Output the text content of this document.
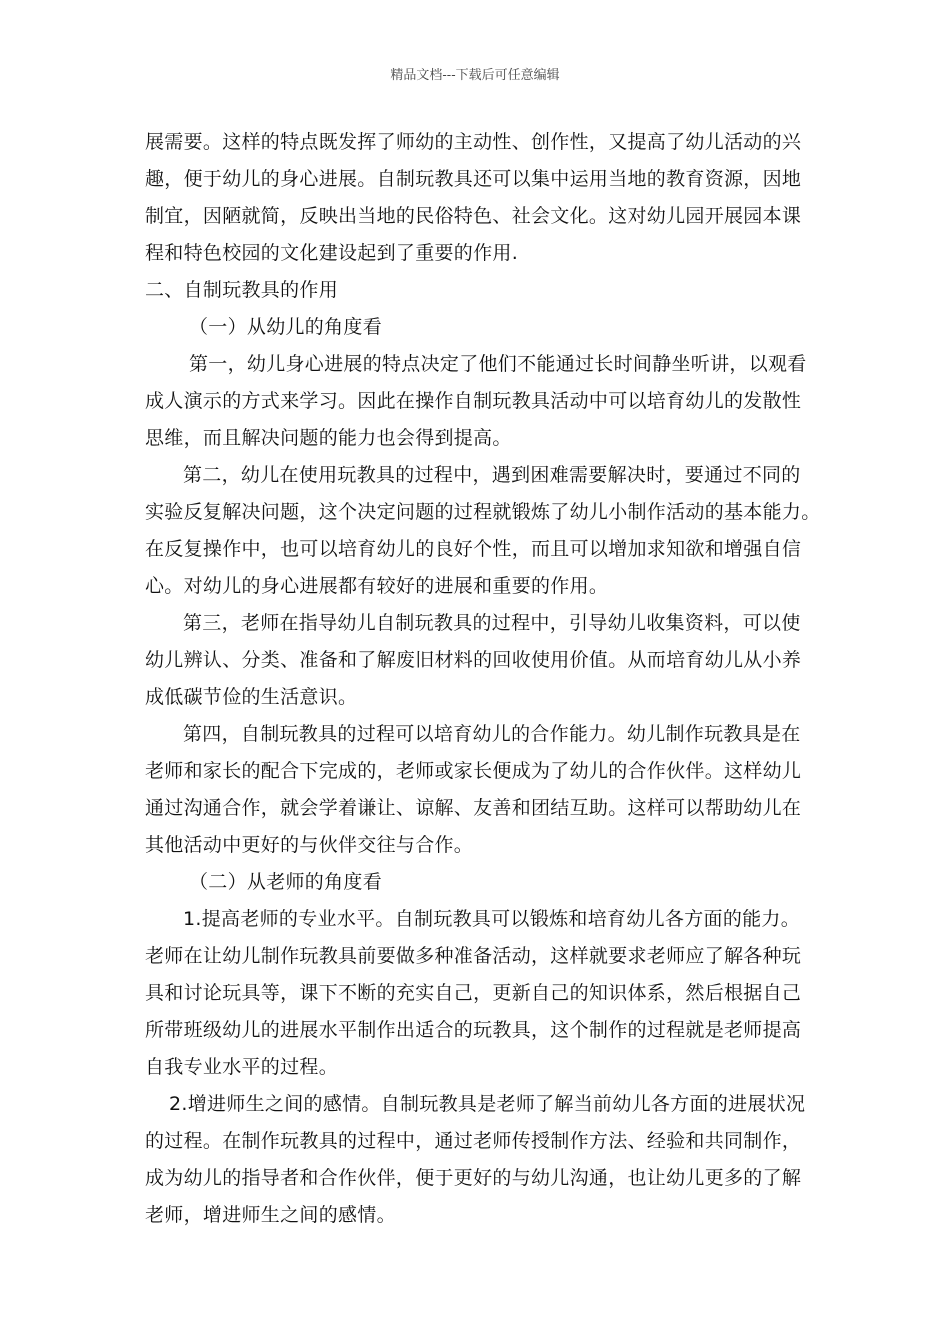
精品文档---下载后可任意编辑
展需要。这样的特点既发挥了师幼的主动性、创作性，又提高了幼儿活动的兴
趣，便于幼儿的身心进展。自制玩教具还可以集中运用当地的教育资源，因地
制宜，因陋就简，反映出当地的民俗特色、社会文化。这对幼儿园开展园本课
程和特色校园的文化建设起到了重要的作用.
二、自制玩教具的作用
（一）从幼儿的角度看
第一，幼儿身心进展的特点决定了他们不能通过长时间静坐听讲，以观看
成人演示的方式来学习。因此在操作自制玩教具活动中可以培育幼儿的发散性
思维，而且解决问题的能力也会得到提高。
第二，幼儿在使用玩教具的过程中，遇到困难需要解决时，要通过不同的
实验反复解决问题，这个决定问题的过程就锻炼了幼儿小制作活动的基本能力。
在反复操作中，也可以培育幼儿的良好个性，而且可以增加求知欲和增强自信
心。对幼儿的身心进展都有较好的进展和重要的作用。
第三，老师在指导幼儿自制玩教具的过程中，引导幼儿收集资料，可以使
幼儿辨认、分类、准备和了解废旧材料的回收使用价值。从而培育幼儿从小养
成低碳节俭的生活意识。
第四，自制玩教具的过程可以培育幼儿的合作能力。幼儿制作玩教具是在
老师和家长的配合下完成的，老师或家长便成为了幼儿的合作伙伴。这样幼儿
通过沟通合作，就会学着谦让、谅解、友善和团结互助。这样可以帮助幼儿在
其他活动中更好的与伙伴交往与合作。
（二）从老师的角度看
1.提高老师的专业水平。自制玩教具可以锻炼和培育幼儿各方面的能力。
老师在让幼儿制作玩教具前要做多种准备活动，这样就要求老师应了解各种玩
具和讨论玩具等，课下不断的充实自己，更新自己的知识体系，然后根据自己
所带班级幼儿的进展水平制作出适合的玩教具，这个制作的过程就是老师提高
自我专业水平的过程。
2.增进师生之间的感情。自制玩教具是老师了解当前幼儿各方面的进展状况
的过程。在制作玩教具的过程中，通过老师传授制作方法、经验和共同制作，
成为幼儿的指导者和合作伙伴，便于更好的与幼儿沟通，也让幼儿更多的了解
老师，增进师生之间的感情。
